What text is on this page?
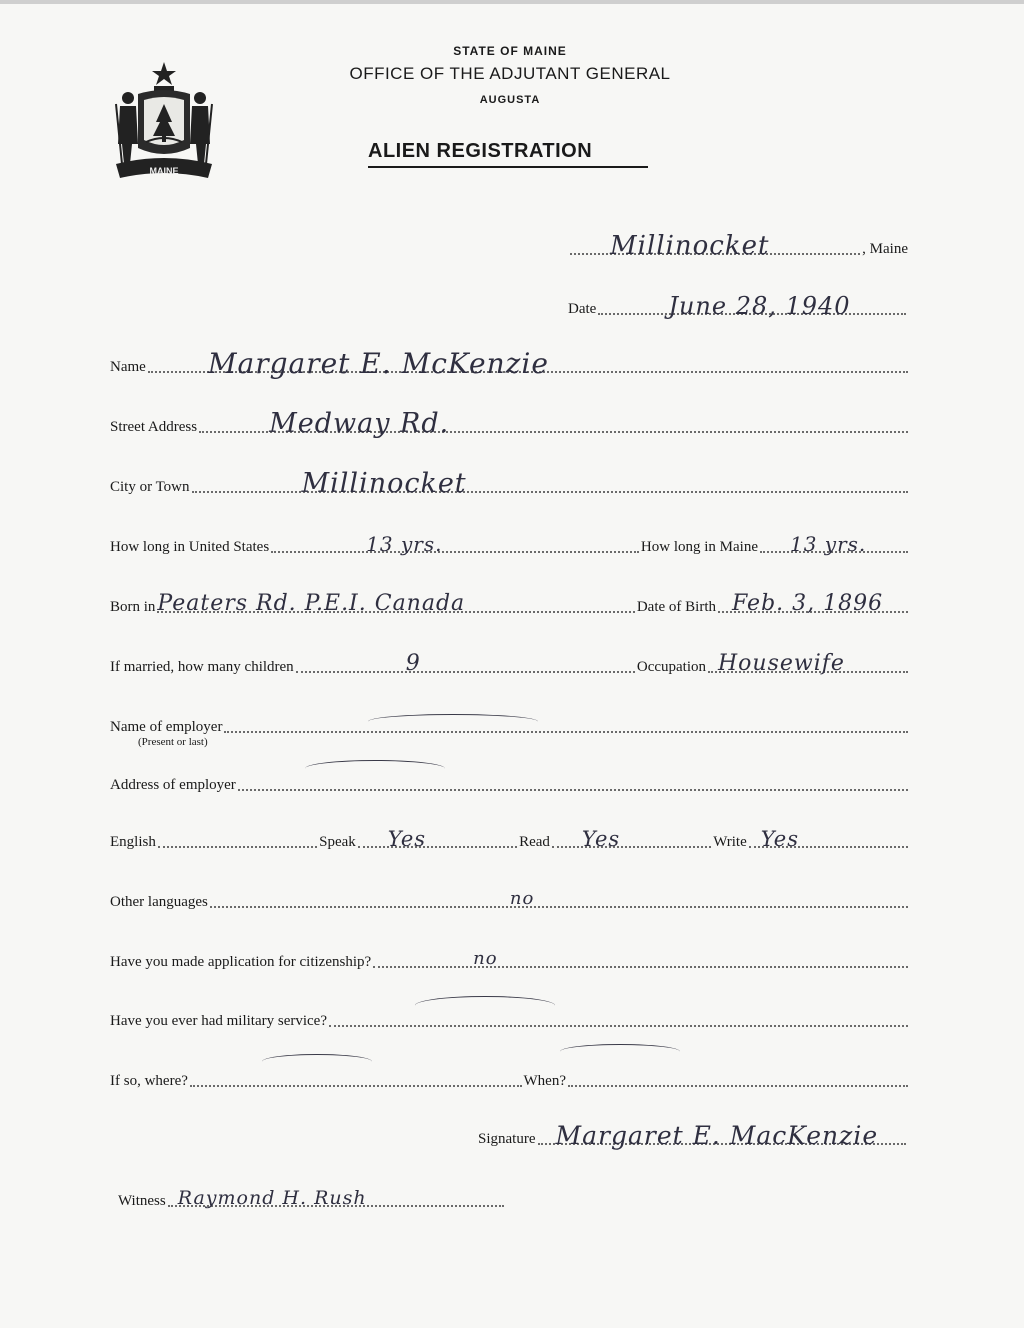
MAINE
STATE OF MAINE
OFFICE OF THE ADJUTANT GENERAL
AUGUSTA
ALIEN REGISTRATION
Millinocket	, Maine
Date	June 28, 1940
Name Margaret E. McKenzie
Street Address	Medway Rd.
City or Town	Millinocket
How long in United States	13 yrs.	How long in Maine 13 yrs.
Born in Peaters Rd. P.E.I. Canada	Date of Birth Feb. 3, 1896
If married, how many children	9	Occupation Housewife
Name of employer
(Present or last)
Address of employer
English	Speak Yes	Read Yes	Write Yes
Other languages	no
Have you made application for citizenship?	no
Have you ever had military service?
If so, where?	When?
Signature Margaret E. MacKenzie
Witness Raymond H. Rush
